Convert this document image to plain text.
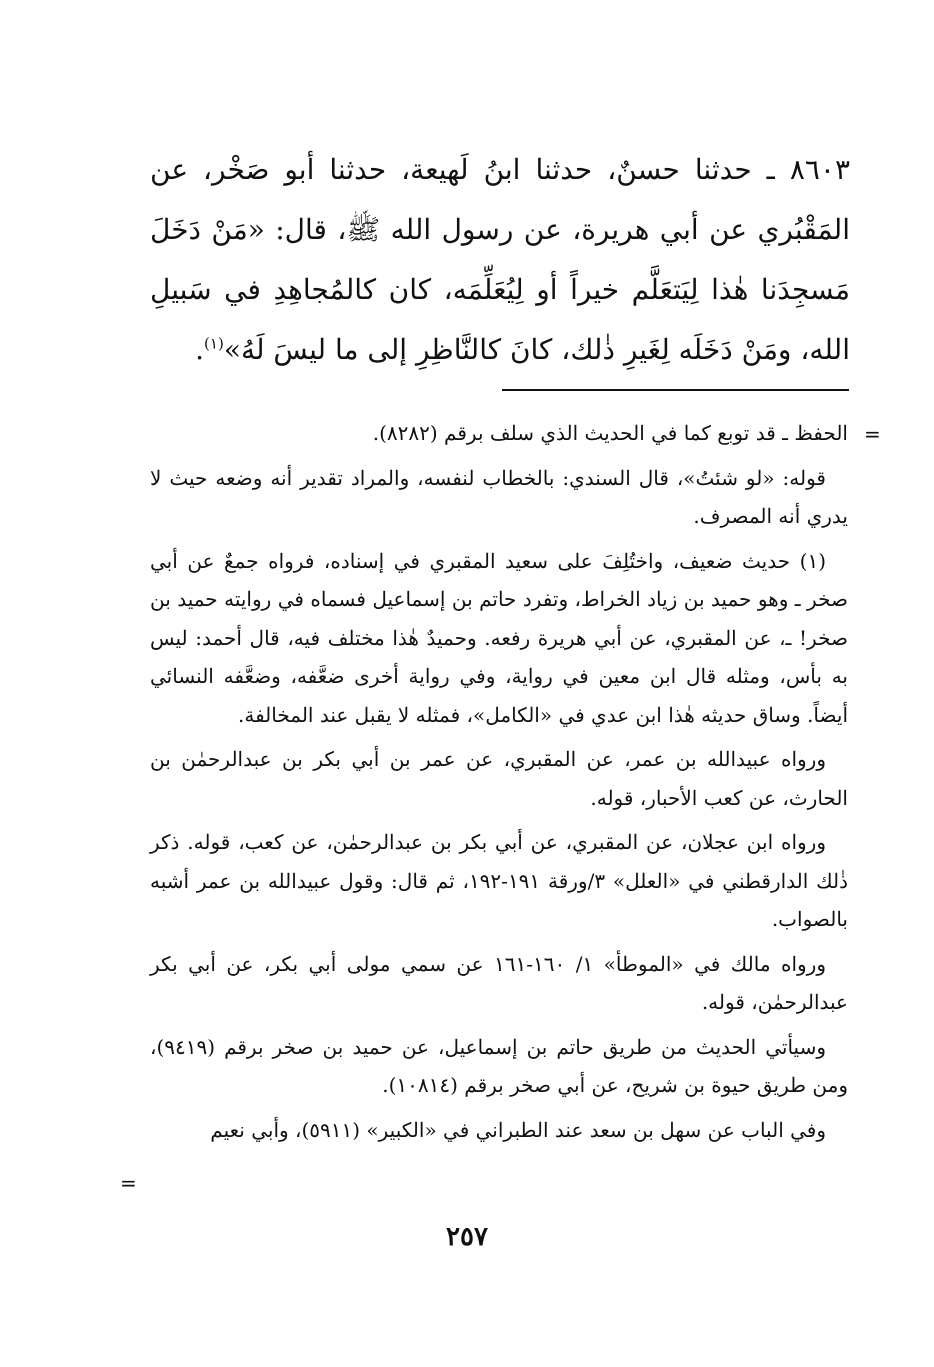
٨٦٠٣ ـ حدثنا حسنٌ، حدثنا ابنُ لَهيعة، حدثنا أبو صَخْر، عن المَقْبُري عن أبي هريرة، عن رسول الله ﷺ، قال: «مَنْ دَخَلَ مَسجِدَنا هٰذا لِيَتعَلَّم خيراً أو لِيُعَلِّمَه، كان كالمُجاهِدِ في سَبيلِ الله، ومَنْ دَخَلَه لِغَيرِ ذٰلك، كانَ كالنَّاظِرِ إلى ما ليسَ لَهُ»$^{(١)}$.

=

الحفظ ـ قد توبع كما في الحديث الذي سلف برقم (٨٢٨٢).

قوله: «لو شئتُ»، قال السندي: بالخطاب لنفسه، والمراد تقدير أنه وضعه حيث لا يدري أنه المصرف.

(١) حديث ضعيف، واختُلِفَ على سعيد المقبري في إسناده، فرواه جمعٌ عن أبي صخر ـ وهو حميد بن زياد الخراط، وتفرد حاتم بن إسماعيل فسماه في روايته حميد بن صخر! ـ، عن المقبري، عن أبي هريرة رفعه. وحميدٌ هٰذا مختلف فيه، قال أحمد: ليس به بأس، ومثله قال ابن معين في رواية، وفي رواية أخرى ضعَّفه، وضعَّفه النسائي أيضاً. وساق حديثه هٰذا ابن عدي في «الكامل»، فمثله لا يقبل عند المخالفة.

ورواه عبيدالله بن عمر، عن المقبري، عن عمر بن أبي بكر بن عبدالرحمٰن بن الحارث، عن كعب الأحبار، قوله.

ورواه ابن عجلان، عن المقبري، عن أبي بكر بن عبدالرحمٰن، عن كعب، قوله. ذكر ذٰلك الدارقطني في «العلل» ٣/ورقة ١٩١-١٩٢، ثم قال: وقول عبيدالله بن عمر أشبه بالصواب.

ورواه مالك في «الموطأ» ١/ ١٦٠-١٦١ عن سمي مولى أبي بكر، عن أبي بكر عبدالرحمٰن، قوله.

وسيأتي الحديث من طريق حاتم بن إسماعيل، عن حميد بن صخر برقم (٩٤١٩)، ومن طريق حيوة بن شريح، عن أبي صخر برقم (١٠٨١٤).

وفي الباب عن سهل بن سعد عند الطبراني في «الكبير» (٥٩١١)، وأبي نعيم

=
٢٥٧
